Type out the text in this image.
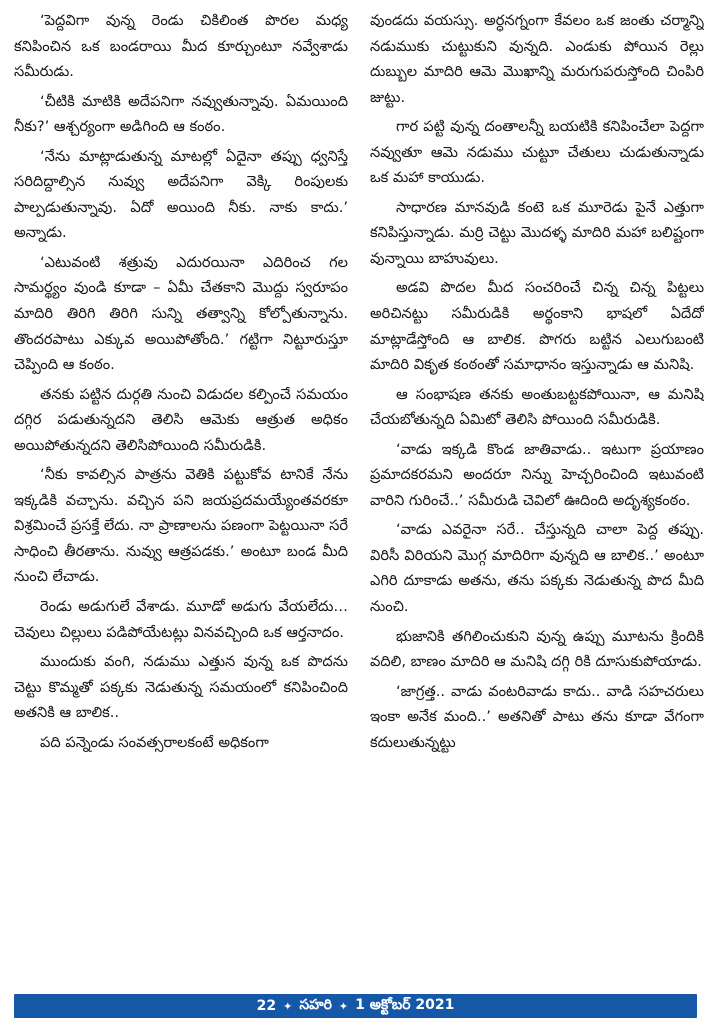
‘పెద్దవిగా వున్న రెండు చికిలింత పొరల మధ్య కనిపించిన ఒక బండరాయి మీద కూర్చుంటూ నవ్వేశాడు సమీరుడు.

‘చీటికి మాటికి అదేపనిగా నవ్వుతున్నావు. ఏమయింది నీకు?’ ఆశ్చర్యంగా అడిగింది ఆ కంఠం.

‘నేను మాట్లాడుతున్న మాటల్లో ఏదైనా తప్పు ధ్వనిస్తే సరిదిద్దాల్సిన నువ్వు అదేపనిగా వెక్కి రింపులకు పాల్పడుతున్నావు. ఏదో అయింది నీకు. నాకు కాదు.’ అన్నాడు.

‘ఎటువంటి శత్రువు ఎదురయినా ఎదిరించ గల సామర్థ్యం వుండి కూడా – ఏమీ చేతకాని మొద్దు స్వరూపం మాదిరి తిరిగి తిరిగి సున్ని తత్వాన్ని కోల్పోతున్నాను. తొందరపాటు ఎక్కువ అయిపోతోంది.’ గట్టిగా నిట్టూరుస్తూ చెప్పింది ఆ కంఠం.

తనకు పట్టిన దుర్గతి నుంచి విడుదల కల్పించే సమయం దగ్గిర పడుతున్నదని తెలిసి ఆమెకు ఆత్రుత అధికం అయిపోతున్నదని తెలిసిపోయింది సమీరుడికి.

‘నీకు కావల్సిన పాత్రను వెతికి పట్టుకోవ టానికే నేను ఇక్కడికి వచ్చాను. వచ్చిన పని జయప్రదమయ్యేంతవరకూ విశ్రమించే ప్రసక్తే లేదు. నా ప్రాణాలను పణంగా పెట్టయినా సరే సాధించి తీరతాను. నువ్వు ఆత్రపడకు.’ అంటూ బండ మీది నుంచి లేచాడు.

రెండు అడుగులే వేశాడు. మూడో అడుగు వేయలేదు… చెవులు చిల్లులు పడిపోయేటట్లు వినవచ్చింది ఒక ఆర్తనాదం.

ముందుకు వంగి, నడుము ఎత్తున వున్న ఒక పొదను చెట్టు కొమ్మతో పక్కకు నెడుతున్న సమయంలో కనిపించింది అతనికి ఆ బాలిక..

పది పన్నెండు సంవత్సరాలకంటే అధికంగా

వుండదు వయస్సు. అర్ధనగ్నంగా కేవలం ఒక జంతు చర్మాన్ని నడుముకు చుట్టుకుని వున్నది. ఎండుకు పోయిన రెల్లు దుబ్బుల మాదిరి ఆమె మొఖాన్ని మరుగుపరుస్తోంది చింపిరి జుట్టు.

గార పట్టి వున్న దంతాలన్నీ బయటికి కనిపించేలా పెద్దగా నవ్వుతూ ఆమె నడుము చుట్టూ చేతులు చుడుతున్నాడు ఒక మహా కాయుడు.

సాధారణ మానవుడి కంటె ఒక మూరెడు పైనే ఎత్తుగా కనిపిస్తున్నాడు. మర్రి చెట్టు మొదళ్ళ మాదిరి మహా బలిష్టంగా వున్నాయి బాహువులు.

అడవి పొదల మీద సంచరించే చిన్న చిన్న పిట్టలు అరిచినట్టు సమీరుడికి అర్థంకాని భాషలో ఏదేదో మాట్లాడేస్తోంది ఆ బాలిక. పొగరు బట్టిన ఎలుగుబంటి మాదిరి వికృత కంఠంతో సమాధానం ఇస్తున్నాడు ఆ మనిషి.

ఆ సంభాషణ తనకు అంతుబట్టకపోయినా, ఆ మనిషి చేయబోతున్నది ఏమిటో తెలిసి పోయింది సమీరుడికి.

‘వాడు ఇక్కడి కొండ జాతివాడు.. ఇటుగా ప్రయాణం ప్రమాదకరమని అందరూ నిన్ను హెచ్చరించింది ఇటువంటి వారిని గురించే..’ సమీరుడి చెవిలో ఊదింది అదృశ్యకంఠం.

‘వాడు ఎవరైనా సరే.. చేస్తున్నది చాలా పెద్ద తప్పు. విరిసీ విరియని మొగ్గ మాదిరిగా వున్నది ఆ బాలిక..’ అంటూ ఎగిరి దూకాడు అతను, తను పక్కకు నెడుతున్న పొద మీది నుంచి.

భుజానికి తగిలించుకుని వున్న ఉప్పు మూటను క్రిందికి వదిలి, బాణం మాదిరి ఆ మనిషి దగ్గి రికి దూసుకుపోయాడు.

‘జాగ్రత్త.. వాడు వంటరివాడు కాదు.. వాడి సహచరులు ఇంకా అనేక మంది..’ అతనితో పాటు తను కూడా వేగంగా కదులుతున్నట్టు

22 ✦ సహరి ✦ 1 అక్టోబర్ 2021
